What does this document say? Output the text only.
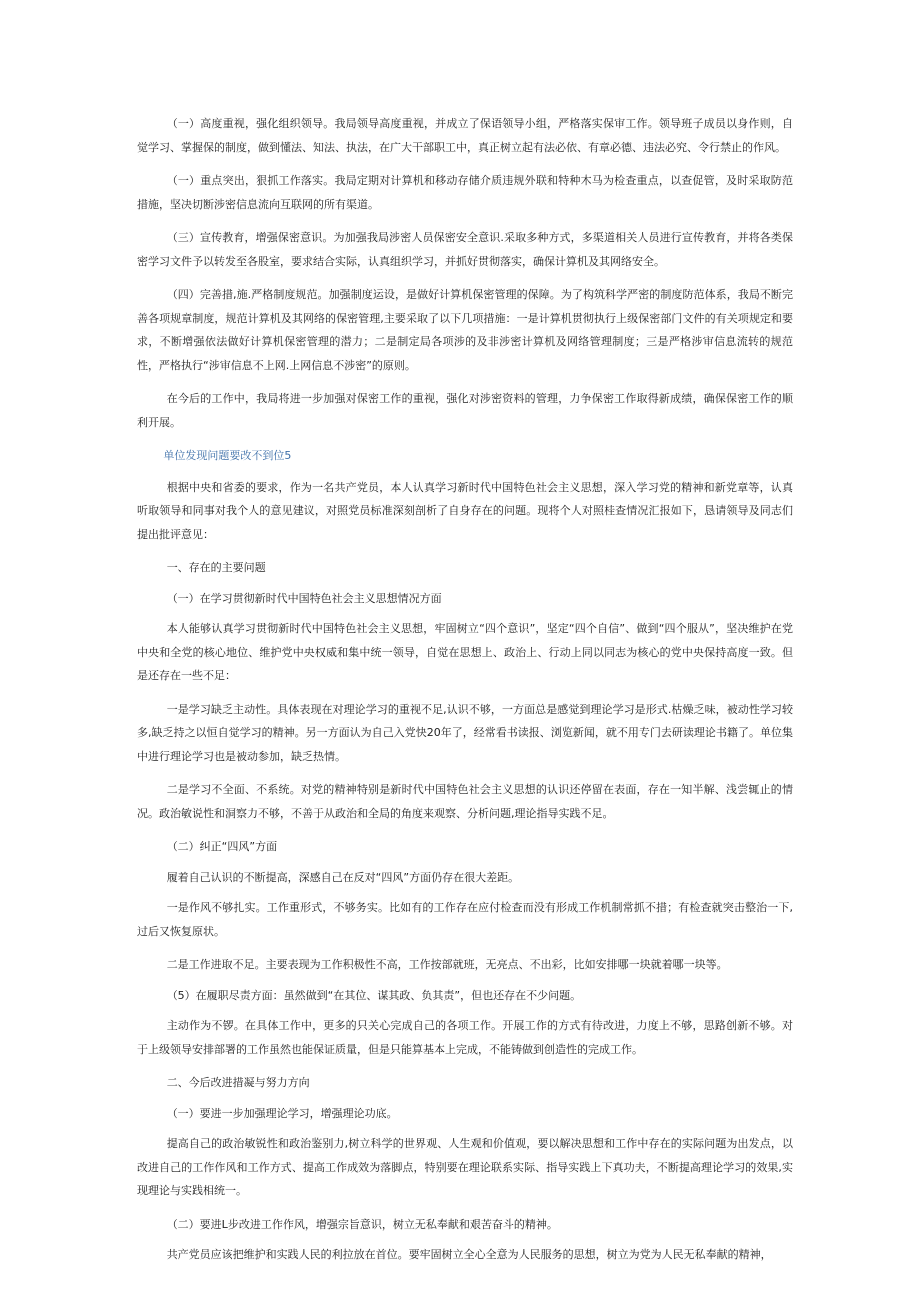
（一）高度重视，强化组织领导。我局领导高度重视，并成立了保语领导小组，严格落实保审工作。领导班子成员以身作则，自觉学习、掌握保的制度，做到懂法、知法、执法，在广大干部职工中，真正树立起有法必依、有章必德、违法必究、令行禁止的作风。

（一）重点突出，狠抓工作落实。我局定期对计算机和移动存储介质违规外联和特种木马为检查重点，以查促管，及时采取防范措施，坚决切断涉密信息流向互联网的所有渠道。

（三）宣传教育，增强保密意识。为加强我局涉密人员保密安全意识.采取多种方式，多渠道相关人员进行宣传教育，并将各类保密学习文件予以转发至各股室，要求结合实际，认真组织学习，并抓好贯彻落实，确保计算机及其网络安全。

（四）完善措,施.严格制度规范。加强制度运设，是做好计算机保密管理的保障。为了构筑科学严密的制度防范体系，我局不断完善各项规章制度，规范计算机及其网络的保密管理,主要采取了以下几项措施：一是计算机贯彻执行上级保密部门文件的有关项规定和要求，不断增强依法做好计算机保密管理的潜力；二是制定局各项涉的及非涉密计算机及网络管理制度；三是严格涉审信息流转的规范性，严格执行“涉审信息不上网.上网信息不涉密”的原则。

在今后的工作中，我局将进一步加强对保密工作的重视，强化对涉密资料的管理，力争保密工作取得新成绩，确保保密工作的顺利开展。

单位发现问题要改不到位5

根据中央和省委的要求，作为一名共产党员，本人认真学习新时代中国特色社会主义思想，深入学习党的精神和新党章等，认真听取领导和同事对我个人的意见建议，对照党员标准深刻剖析了自身存在的问题。现将个人对照桂查情况汇报如下，恳请领导及同志们提出批评意见：

一、存在的主要问题

（一）在学习贯彻新时代中国特色社会主义思想情况方面

本人能够认真学习贯彻新时代中国特色社会主义思想，牢固树立“四个意识”，坚定“四个自信”、做到“四个服从”，坚决维护在党中央和全党的核心地位、维护党中央权威和集中统一领导，自觉在思想上、政治上、行动上同以同志为核心的党中央保持高度一致。但是还存在一些不足：

一是学习缺乏主动性。具体表现在对理论学习的重视不足,认识不够，一方面总是感觉到理论学习是形式.枯燥乏味，被动性学习较多,缺乏持之以恒自觉学习的精神。另一方面认为自己入党快20年了，经常看书读报、浏览新闻，就不用专门去研读理论书籍了。单位集中进行理论学习也是被动参加，缺乏热情。

二是学习不全面、不系统。对党的精神特别是新时代中国特色社会主义思想的认识还停留在表面，存在一知半解、浅尝辄止的情况。政治敏说性和洞察力不够，不善于从政治和全局的角度来观察、分析问题,理论指导实践不足。

（二）纠正“四风”方面

履着自己认识的不断提高，深感自己在反对“四风”方面仍存在很大差距。

一是作风不够扎实。工作重形式，不够务实。比如有的工作存在应付检查而没有形成工作机制常抓不措；有检查就突击整治一下,过后又恢复原状。

二是工作进取不足。主要表现为工作积极性不高，工作按部就班，无亮点、不出彩，比如安排哪一块就着哪一块等。

（5）在履职尽责方面：虽然做到“在其位、谋其政、负其责”，但也还存在不少问题。

主动作为不锣。在具体工作中，更多的只关心完成自己的各项工作。开展工作的方式有待改进，力度上不够，思路创新不够。对于上级领导安排部署的工作虽然也能保证质量，但是只能算基本上完成，不能铸做到创造性的完成工作。

二、今后改进措凝与努力方向

（一）要进一步加强理论学习，增强理论功底。

提高自己的政治敏锐性和政治鉴别力,树立科学的世界观、人生观和价值观，要以解决思想和工作中存在的实际问题为出发点，以改进自己的工作作风和工作方式、提高工作成效为落脚点，特别要在理论联系实际、指导实践上下真功夫，不断提高理论学习的效果,实现理论与实践相统一。

（二）要进L步改进工作作风，增强宗旨意识，树立无私奉献和艰苦奋斗的精神。

共产党员应该把维护和实践人民的利拉放在首位。要牢固树立全心全意为人民服务的思想，树立为党为人民无私奉献的精神，
